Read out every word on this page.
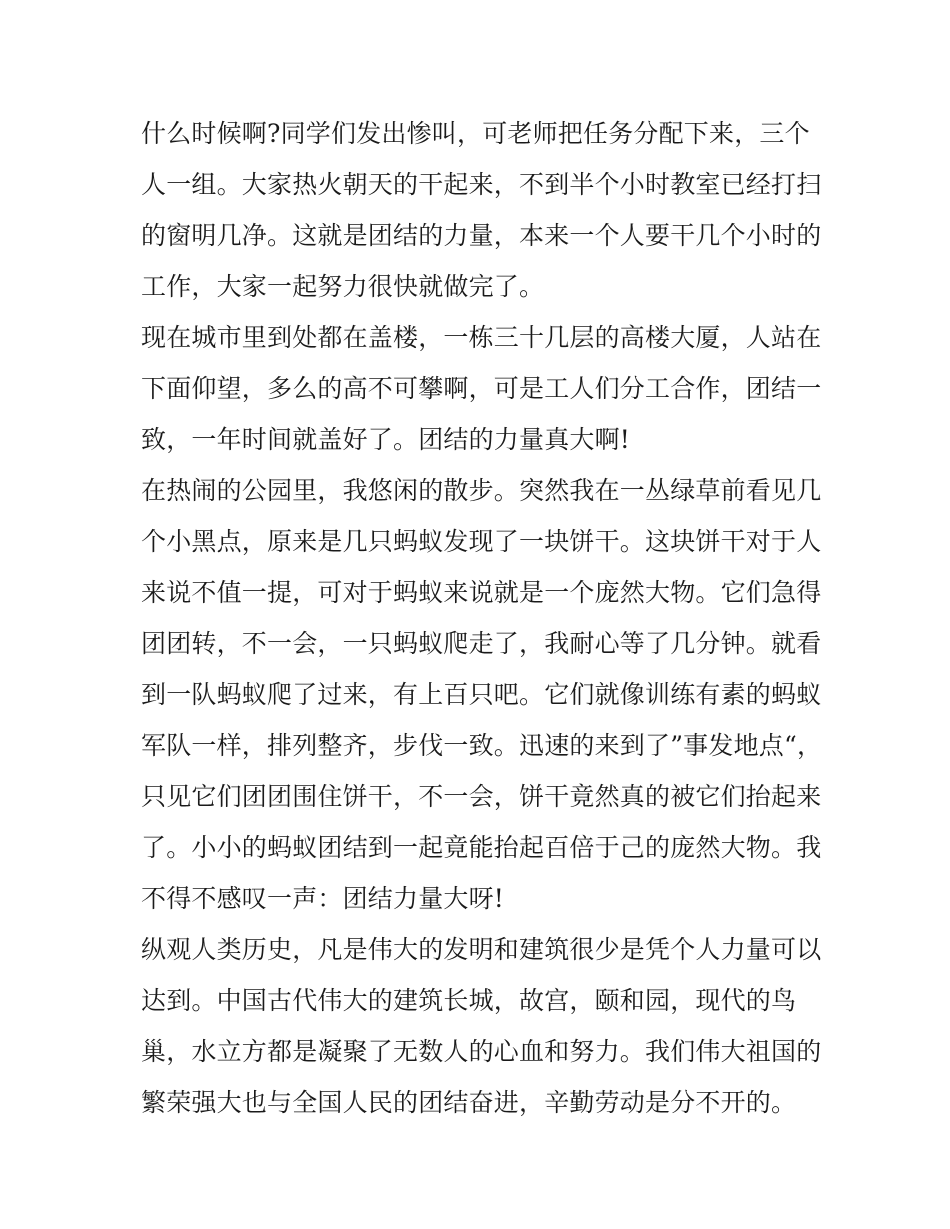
什么时候啊?同学们发出惨叫，可老师把任务分配下来，三个
人一组。大家热火朝天的干起来，不到半个小时教室已经打扫
的窗明几净。这就是团结的力量，本来一个人要干几个小时的
工作，大家一起努力很快就做完了。

现在城市里到处都在盖楼，一栋三十几层的高楼大厦，人站在
下面仰望，多么的高不可攀啊，可是工人们分工合作，团结一
致，一年时间就盖好了。团结的力量真大啊!

在热闹的公园里，我悠闲的散步。突然我在一丛绿草前看见几
个小黑点，原来是几只蚂蚁发现了一块饼干。这块饼干对于人
来说不值一提，可对于蚂蚁来说就是一个庞然大物。它们急得
团团转，不一会，一只蚂蚁爬走了，我耐心等了几分钟。就看
到一队蚂蚁爬了过来，有上百只吧。它们就像训练有素的蚂蚁
军队一样，排列整齐，步伐一致。迅速的来到了”事发地点“，
只见它们团团围住饼干，不一会，饼干竟然真的被它们抬起来
了。小小的蚂蚁团结到一起竟能抬起百倍于己的庞然大物。我
不得不感叹一声：团结力量大呀!

纵观人类历史，凡是伟大的发明和建筑很少是凭个人力量可以
达到。中国古代伟大的建筑长城，故宫，颐和园，现代的鸟
巢，水立方都是凝聚了无数人的心血和努力。我们伟大祖国的
繁荣强大也与全国人民的团结奋进，辛勤劳动是分不开的。
